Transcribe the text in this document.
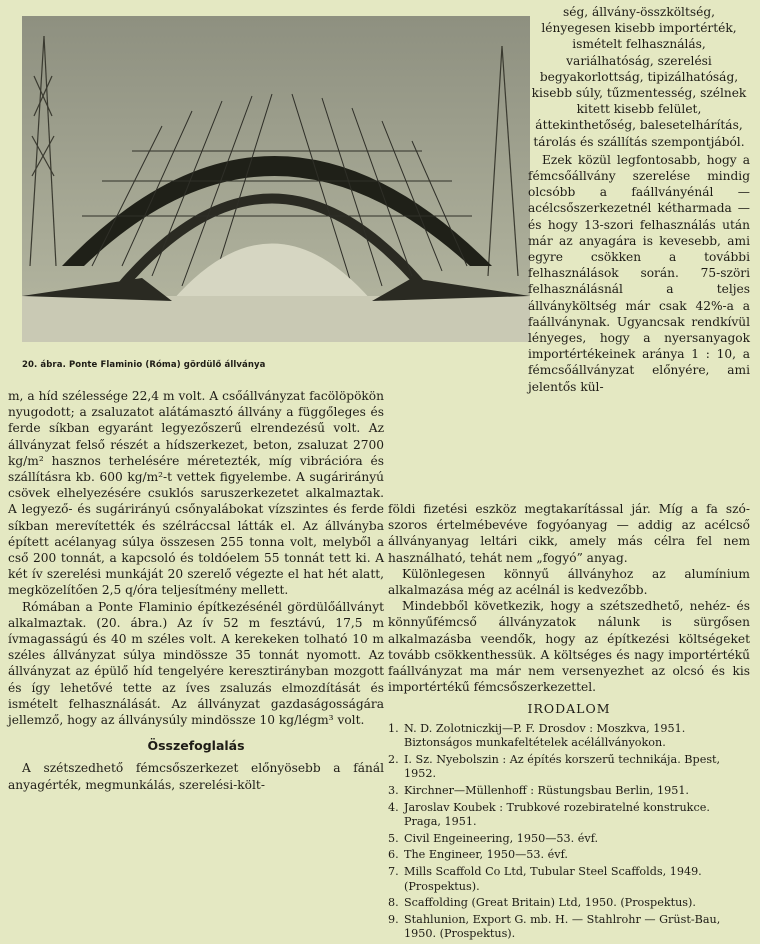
20. ábra. Ponte Flaminio (Róma) gördülő állványa

ség, állvány-összköltség, lényegesen kisebb importérték, ismételt felhasználás, variálhatóság, szerelési begyakorlottság, tipizálhatóság, kisebb súly, tűzmentesség, szélnek kitett kisebb felület, áttekinthetőség, balesetelhárítás, tárolás és szállítás szempontjából.

Ezek közül legfontosabb, hogy a fémcsőállvány szerelése mindig olcsóbb a faállványénál — acélcsőszerkezetnél kétharmada — és hogy 13-szori felhasználás után már az anyagára is kevesebb, ami egyre csökken a további felhasználások során. 75-szöri felhasználásnál a teljes állványköltség már csak 42%-a a faállványnak. Ugyancsak rendkívül lényeges, hogy a nyersanyagok importértékeinek aránya 1 : 10, a fémcsőállványzat előnyére, ami jelentős kül-

m, a híd szélessége 22,4 m volt. A csőállványzat facölöpökön nyugodott; a zsaluzatot alátámasztó állvány a függőleges és ferde síkban egyaránt legyezőszerű elrendezésű volt. Az állványzat felső részét a hídszerkezet, beton, zsaluzat 2700 kg/m² hasznos terhelésére méretezték, míg vibrációra és szállításra kb. 600 kg/m²-t vettek figyelembe. A sugárirányú csövek elhelyezésére csuklós saruszerkezetet alkalmaztak. A legyező- és sugárirányú csőnyalábokat vízszintes és ferde síkban merevítették és szélráccsal látták el. Az állványba épített acélanyag súlya összesen 255 tonna volt, melyből a cső 200 tonnát, a kapcsoló és toldóelem 55 tonnát tett ki. A két ív szerelési munkáját 20 szerelő végezte el hat hét alatt, megközelítően 2,5 q/óra teljesítmény mellett.

Rómában a Ponte Flaminio építkezésénél gördülőállványt alkalmaztak. (20. ábra.) Az ív 52 m fesztávú, 17,5 m ívmagasságú és 40 m széles volt. A kerekeken tolható 10 m széles állványzat súlya mindössze 35 tonnát nyomott. Az állványzat az épülő híd tengelyére keresztirányban mozgott és így lehetővé tette az íves zsaluzás elmozdítását és ismételt felhasználását. Az állványzat gazdaságosságára jellemző, hogy az állványsúly mindössze 10 kg/légm³ volt.

Összefoglalás

A szétszedhető fémcsőszerkezet előnyösebb a fánál anyagérték, megmunkálás, szerelési-költ-

földi fizetési eszköz megtakarítással jár. Míg a fa szó-szoros értelmébevéve fogyóanyag — addig az acélcső állványanyag leltári cikk, amely más célra fel nem használható, tehát nem „fogyó” anyag.

Különlegesen könnyű állványhoz az alumínium alkalmazása még az acélnál is kedvezőbb.

Mindebből következik, hogy a szétszedhető, nehéz- és könnyűfémcső állványzatok nálunk is sürgősen alkalmazásba veendők, hogy az építkezési költségeket tovább csökkenthessük. A költséges és nagy importértékű faállványzat ma már nem versenyezhet az olcsó és kis importértékű fémcsőszerkezettel.

IRODALOM
1. N. D. Zolotniczkij—P. F. Drosdov : Moszkva, 1951. Biztonságos munkafeltételek acélállványokon.
2. I. Sz. Nyebolszin : Az építés korszerű technikája. Bpest, 1952.
3. Kirchner—Müllenhoff : Rüstungsbau Berlin, 1951.
4. Jaroslav Koubek : Trubkové rozebiratelné konstrukce. Praga, 1951.
5. Civil Engeineering, 1950—53. évf.
6. The Engineer, 1950—53. évf.
7. Mills Scaffold Co Ltd, Tubular Steel Scaffolds, 1949. (Prospektus).
8. Scaffolding (Great Britain) Ltd, 1950. (Prospektus).
9. Stahlunion, Export G. mb. H. — Stahlrohr — Grüst-Bau, 1950. (Prospektus).
